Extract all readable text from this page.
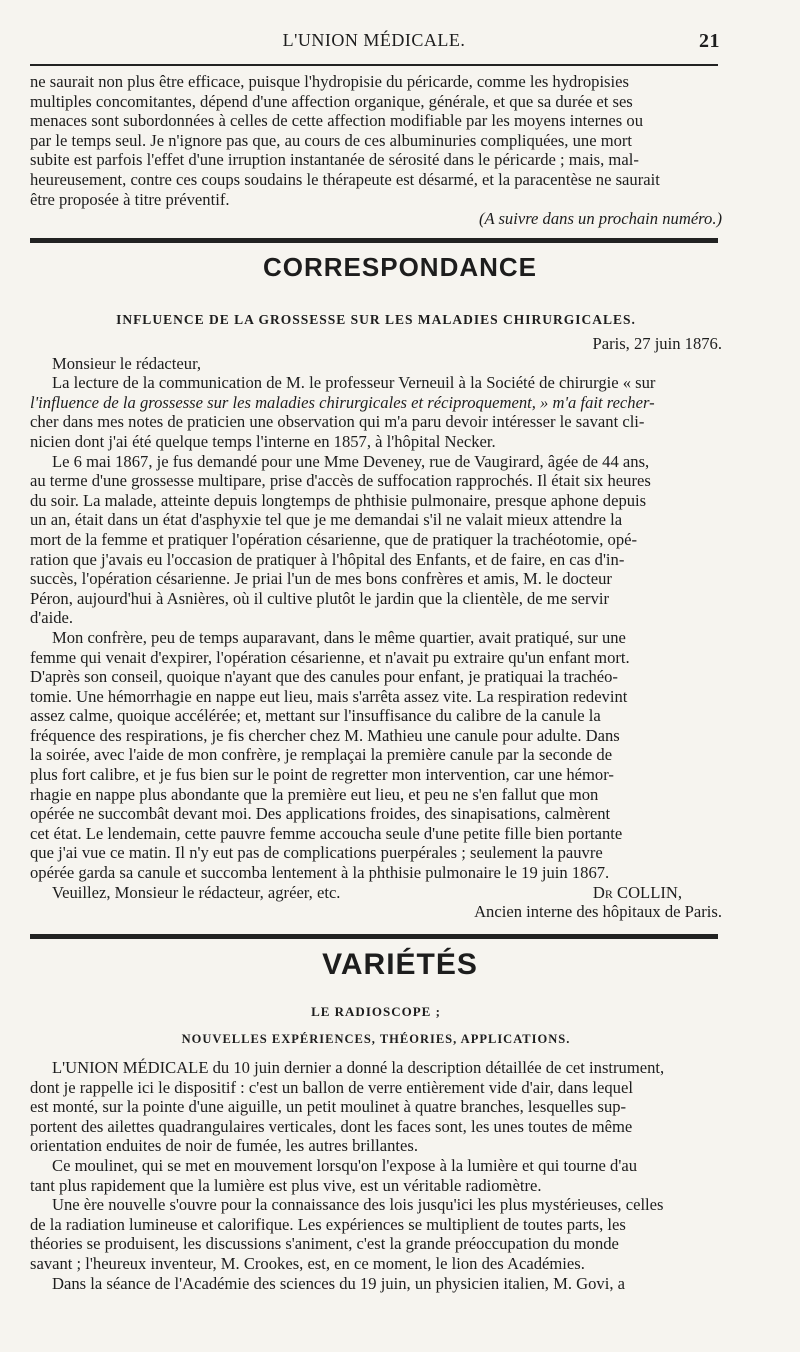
L'UNION MÉDICALE.	21

ne saurait non plus être efficace, puisque l'hydropisie du péricarde, comme les hydropisies

multiples concomitantes, dépend d'une affection organique, générale, et que sa durée et ses

menaces sont subordonnées à celles de cette affection modifiable par les moyens internes ou

par le temps seul. Je n'ignore pas que, au cours de ces albuminuries compliquées, une mort

subite est parfois l'effet d'une irruption instantanée de sérosité dans le péricarde ; mais, mal-

heureusement, contre ces coups soudains le thérapeute est désarmé, et la paracentèse ne saurait

être proposée à titre préventif.

(A suivre dans un prochain numéro.)

CORRESPONDANCE
INFLUENCE DE LA GROSSESSE SUR LES MALADIES CHIRURGICALES.

Paris, 27 juin 1876.

Monsieur le rédacteur,

La lecture de la communication de M. le professeur Verneuil à la Société de chirurgie « sur

l'influence de la grossesse sur les maladies chirurgicales et réciproquement, » m'a fait recher-

cher dans mes notes de praticien une observation qui m'a paru devoir intéresser le savant cli-

nicien dont j'ai été quelque temps l'interne en 1857, à l'hôpital Necker.

Le 6 mai 1867, je fus demandé pour une Mme Deveney, rue de Vaugirard, âgée de 44 ans,

au terme d'une grossesse multipare, prise d'accès de suffocation rapprochés. Il était six heures

du soir. La malade, atteinte depuis longtemps de phthisie pulmonaire, presque aphone depuis

un an, était dans un état d'asphyxie tel que je me demandai s'il ne valait mieux attendre la

mort de la femme et pratiquer l'opération césarienne, que de pratiquer la trachéotomie, opé-

ration que j'avais eu l'occasion de pratiquer à l'hôpital des Enfants, et de faire, en cas d'in-

succès, l'opération césarienne. Je priai l'un de mes bons confrères et amis, M. le docteur

Péron, aujourd'hui à Asnières, où il cultive plutôt le jardin que la clientèle, de me servir

d'aide.

Mon confrère, peu de temps auparavant, dans le même quartier, avait pratiqué, sur une

femme qui venait d'expirer, l'opération césarienne, et n'avait pu extraire qu'un enfant mort.

D'après son conseil, quoique n'ayant que des canules pour enfant, je pratiquai la trachéo-

tomie. Une hémorrhagie en nappe eut lieu, mais s'arrêta assez vite. La respiration redevint

assez calme, quoique accélérée; et, mettant sur l'insuffisance du calibre de la canule la

fréquence des respirations, je fis chercher chez M. Mathieu une canule pour adulte. Dans

la soirée, avec l'aide de mon confrère, je remplaçai la première canule par la seconde de

plus fort calibre, et je fus bien sur le point de regretter mon intervention, car une hémor-

rhagie en nappe plus abondante que la première eut lieu, et peu ne s'en fallut que mon

opérée ne succombât devant moi. Des applications froides, des sinapisations, calmèrent

cet état. Le lendemain, cette pauvre femme accoucha seule d'une petite fille bien portante

que j'ai vue ce matin. Il n'y eut pas de complications puerpérales ; seulement la pauvre

opérée garda sa canule et succomba lentement à la phthisie pulmonaire le 19 juin 1867.

Veuillez, Monsieur le rédacteur, agréer, etc.	Dr COLLIN,

Ancien interne des hôpitaux de Paris.

VARIÉTÉS
LE RADIOSCOPE ;
NOUVELLES EXPÉRIENCES, THÉORIES, APPLICATIONS.

L'UNION MÉDICALE du 10 juin dernier a donné la description détaillée de cet instrument,

dont je rappelle ici le dispositif : c'est un ballon de verre entièrement vide d'air, dans lequel

est monté, sur la pointe d'une aiguille, un petit moulinet à quatre branches, lesquelles sup-

portent des ailettes quadrangulaires verticales, dont les faces sont, les unes toutes de même

orientation enduites de noir de fumée, les autres brillantes.

Ce moulinet, qui se met en mouvement lorsqu'on l'expose à la lumière et qui tourne d'au

tant plus rapidement que la lumière est plus vive, est un véritable radiomètre.

Une ère nouvelle s'ouvre pour la connaissance des lois jusqu'ici les plus mystérieuses, celles

de la radiation lumineuse et calorifique. Les expériences se multiplient de toutes parts, les

théories se produisent, les discussions s'animent, c'est la grande préoccupation du monde

savant ; l'heureux inventeur, M. Crookes, est, en ce moment, le lion des Académies.

Dans la séance de l'Académie des sciences du 19 juin, un physicien italien, M. Govi, a
